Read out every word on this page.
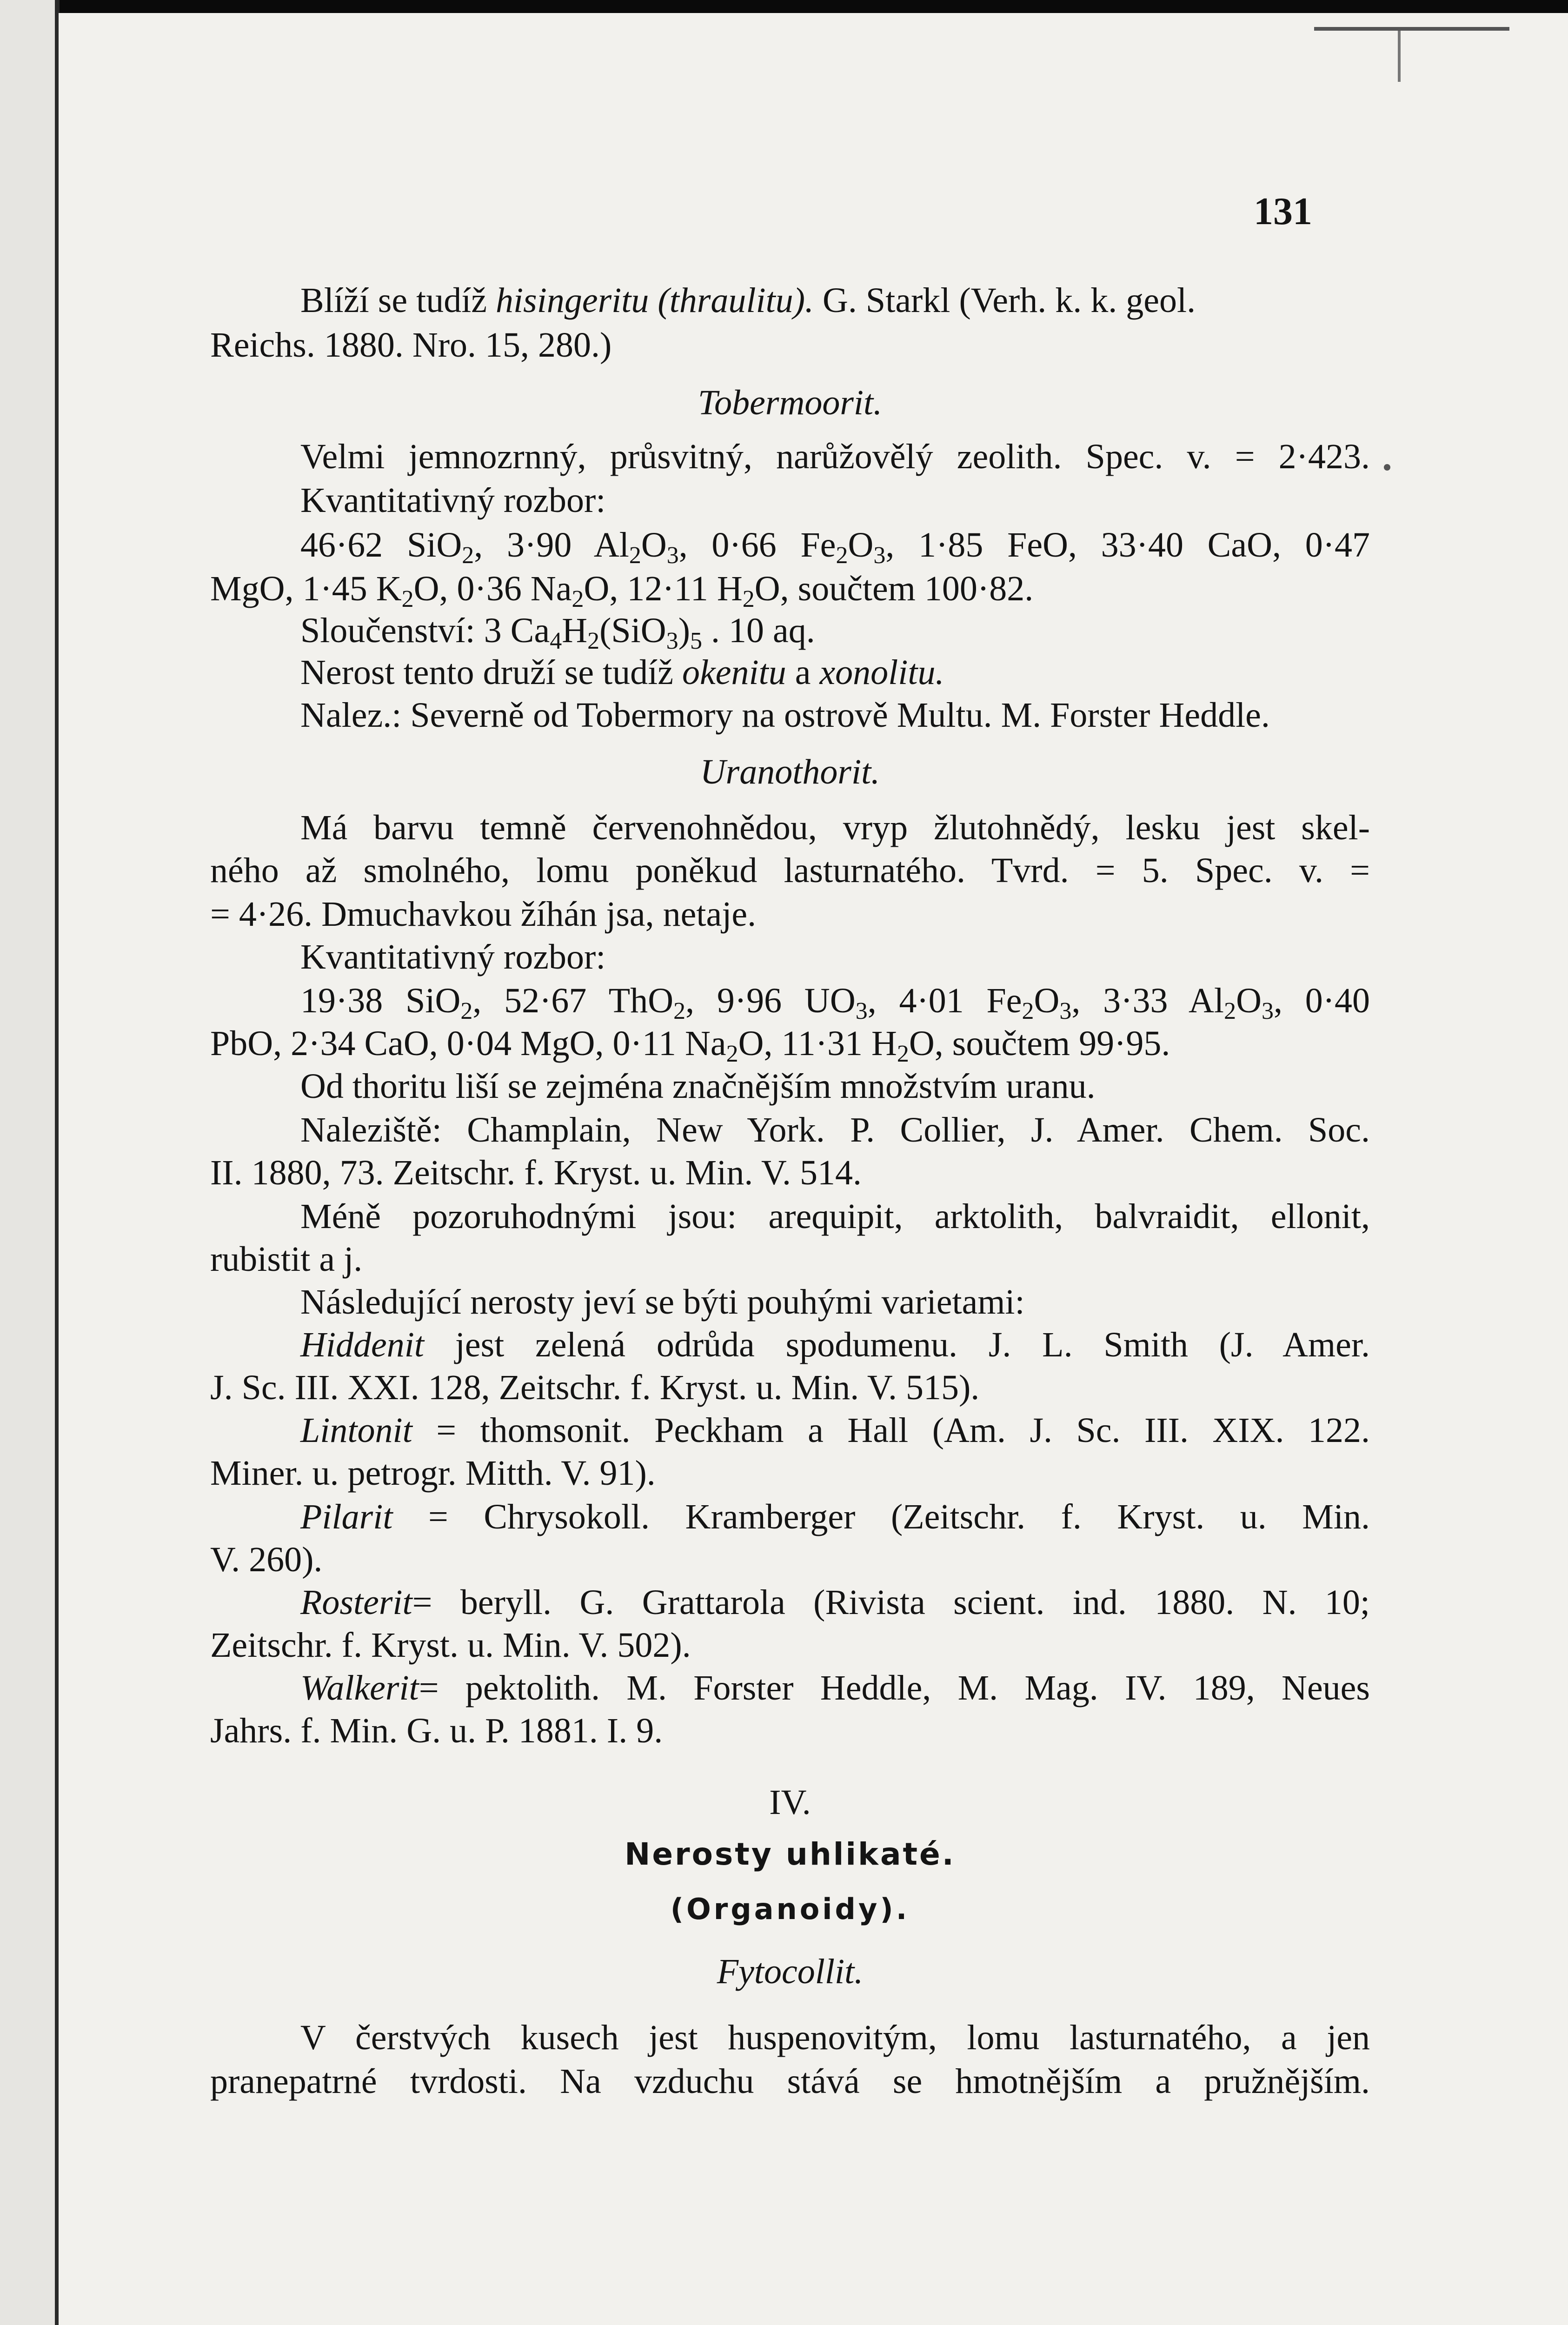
131
Blíží se tudíž hisingeritu (thraulitu). G. Starkl (Verh. k. k. geol.
Reichs. 1880. Nro. 15, 280.)
Tobermoorit.
Velmi jemnozrnný, průsvitný, narůžovělý zeolith. Spec. v. = 2·423.
Kvantitativný rozbor:
46·62 SiO$_2$, 3·90 $Al_2O_3$, 0·66 $Fe_2O_3$, 1·85 FeO, 33·40 CaO, 0·47
MgO, 1·45 $K_2O$, 0·36 $Na_2O$, 12·11 $H_2O$, součtem 100·82.
Sloučenství: 3 $Ca_4H_2(SiO_3)_5$ . 10 aq.
Nerost tento druží se tudíž okenitu a xonolitu.
Nalez.: Severně od Tobermory na ostrově Multu. M. Forster Heddle.
Uranothorit.
Má barvu temně červenohnědou, vryp žlutohnědý, lesku jest skel-
ného až smolného, lomu poněkud lasturnatého. Tvrd. = 5. Spec. v. =
= 4·26. Dmuchavkou žíhán jsa, netaje.
Kvantitativný rozbor:
19·38 SiO$_2$, 52·67 ThO$_2$, 9·96 $UO_3$, 4·01 $Fe_2O_3$, 3·33 $Al_2O_3$, 0·40
PbO, 2·34 CaO, 0·04 MgO, 0·11 $Na_2O$, 11·31 $H_2O$, součtem 99·95.
Od thoritu liší se zejména značnějším množstvím uranu.
Naleziště: Champlain, New York. P. Collier, J. Amer. Chem. Soc.
II. 1880, 73. Zeitschr. f. Kryst. u. Min. V. 514.
Méně pozoruhodnými jsou: arequipit, arktolith, balvraidit, ellonit,
rubistit a j.
Následující nerosty jeví se býti pouhými varietami:
Hiddenit jest zelená odrůda spodumenu. J. L. Smith (J. Amer.
J. Sc. III. XXI. 128, Zeitschr. f. Kryst. u. Min. V. 515).
Lintonit = thomsonit. Peckham a Hall (Am. J. Sc. III. XIX. 122.
Miner. u. petrogr. Mitth. V. 91).
Pilarit = Chrysokoll. Kramberger (Zeitschr. f. Kryst. u. Min.
V. 260).
Rosterit= beryll. G. Grattarola (Rivista scient. ind. 1880. N. 10;
Zeitschr. f. Kryst. u. Min. V. 502).
Walkerit= pektolith. M. Forster Heddle, M. Mag. IV. 189, Neues
Jahrs. f. Min. G. u. P. 1881. I. 9.
IV.
Nerosty uhlikaté.
(Organoidy).
Fytocollit.
V čerstvých kusech jest huspenovitým, lomu lasturnatého, a jen
pranepatrné tvrdosti. Na vzduchu stává se hmotnějším a pružnějším.
